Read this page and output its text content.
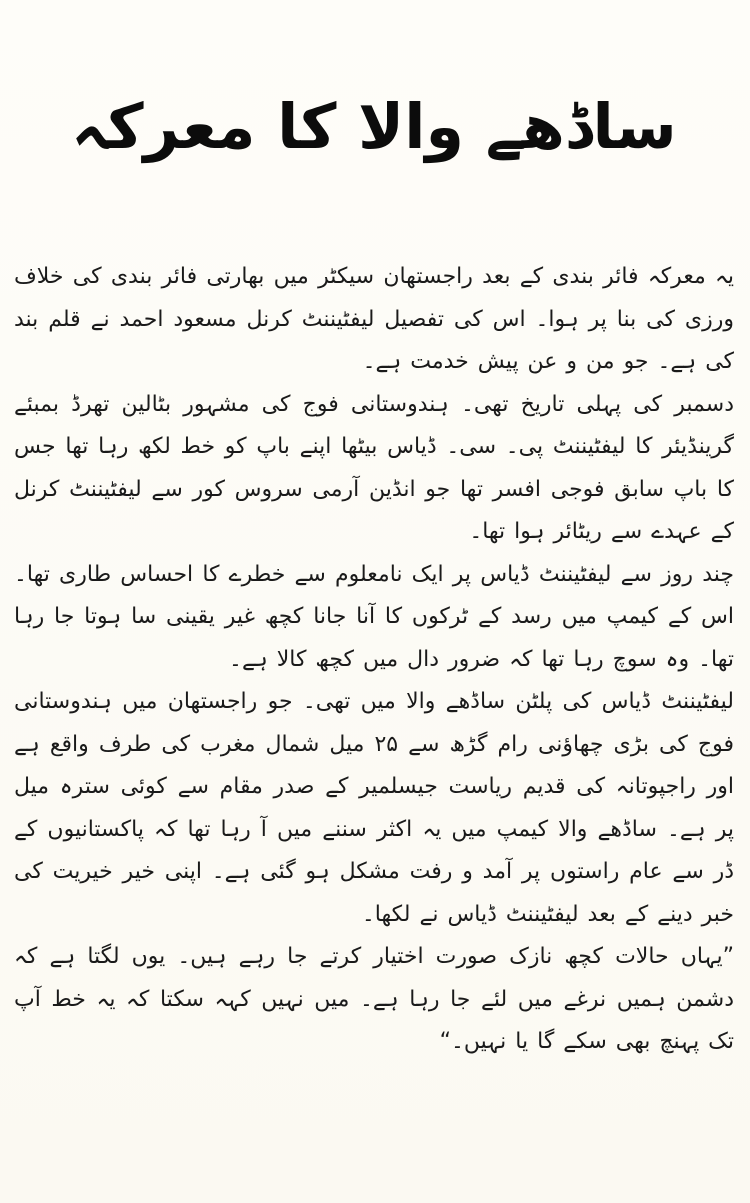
ساڈھے والا کا معرکہ

یہ معرکہ فائر بندی کے بعد راجستھان سیکٹر میں بھارتی فائر بندی کی خلاف ورزی کی بنا پر ہوا۔ اس کی تفصیل لیفٹیننٹ کرنل مسعود احمد نے قلم بند کی ہے۔ جو من و عن پیش خدمت ہے۔

دسمبر کی پہلی تاریخ تھی۔ ہندوستانی فوج کی مشہور بٹالین تھرڈ بمبئے گرینڈیئر کا لیفٹیننٹ پی۔ سی۔ ڈیاس بیٹھا اپنے باپ کو خط لکھ رہا تھا جس کا باپ سابق فوجی افسر تھا جو انڈین آرمی سروس کور سے لیفٹیننٹ کرنل کے عہدے سے ریٹائر ہوا تھا۔

چند روز سے لیفٹیننٹ ڈیاس پر ایک نامعلوم سے خطرے کا احساس طاری تھا۔ اس کے کیمپ میں رسد کے ٹرکوں کا آنا جانا کچھ غیر یقینی سا ہوتا جا رہا تھا۔ وہ سوچ رہا تھا کہ ضرور دال میں کچھ کالا ہے۔

لیفٹیننٹ ڈیاس کی پلٹن ساڈھے والا میں تھی۔ جو راجستھان میں ہندوستانی فوج کی بڑی چھاؤنی رام گڑھ سے ۲۵ میل شمال مغرب کی طرف واقع ہے اور راجپوتانہ کی قدیم ریاست جیسلمیر کے صدر مقام سے کوئی سترہ میل پر ہے۔ ساڈھے والا کیمپ میں یہ اکثر سننے میں آ رہا تھا کہ پاکستانیوں کے ڈر سے عام راستوں پر آمد و رفت مشکل ہو گئی ہے۔ اپنی خیر خیریت کی خبر دینے کے بعد لیفٹیننٹ ڈیاس نے لکھا۔

”یہاں حالات کچھ نازک صورت اختیار کرتے جا رہے ہیں۔ یوں لگتا ہے کہ دشمن ہمیں نرغے میں لئے جا رہا ہے۔ میں نہیں کہہ سکتا کہ یہ خط آپ تک پہنچ بھی سکے گا یا نہیں۔“
